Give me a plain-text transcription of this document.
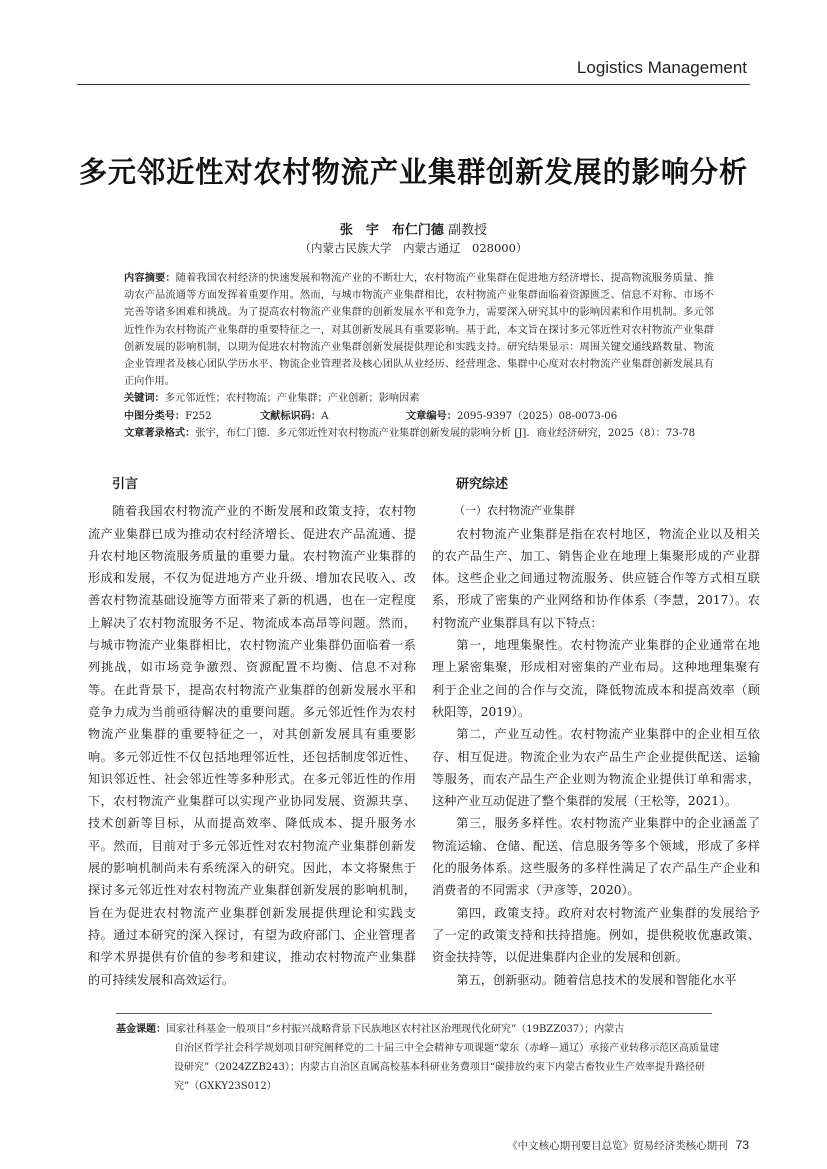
Logistics Management
多元邻近性对农村物流产业集群创新发展的影响分析
张　宇　布仁门德 副教授
（内蒙古民族大学　内蒙古通辽　028000）
内容摘要：随着我国农村经济的快速发展和物流产业的不断壮大，农村物流产业集群在促进地方经济增长、提高物流服务质量、推动农产品流通等方面发挥着重要作用。然而，与城市物流产业集群相比，农村物流产业集群面临着资源匮乏、信息不对称、市场不完善等诸多困难和挑战。为了提高农村物流产业集群的创新发展水平和竞争力，需要深入研究其中的影响因素和作用机制。多元邻近性作为农村物流产业集群的重要特征之一，对其创新发展具有重要影响。基于此，本文旨在探讨多元邻近性对农村物流产业集群创新发展的影响机制，以期为促进农村物流产业集群创新发展提供理论和实践支持。研究结果显示：周围关键交通线路数量、物流企业管理者及核心团队学历水平、物流企业管理者及核心团队从业经历、经营理念、集群中心度对农村物流产业集群创新发展具有正向作用。
关键词：多元邻近性；农村物流；产业集群；产业创新；影响因素
中图分类号：F252	文献标识码：A	文章编号：2095-9397（2025）08-0073-06
文章著录格式：张宇，布仁门德．多元邻近性对农村物流产业集群创新发展的影响分析 [J]．商业经济研究，2025（8）：73-78
引言

随着我国农村物流产业的不断发展和政策支持，农村物流产业集群已成为推动农村经济增长、促进农产品流通、提升农村地区物流服务质量的重要力量。农村物流产业集群的形成和发展，不仅为促进地方产业升级、增加农民收入、改善农村物流基础设施等方面带来了新的机遇，也在一定程度上解决了农村物流服务不足、物流成本高昂等问题。然而，与城市物流产业集群相比，农村物流产业集群仍面临着一系列挑战，如市场竞争激烈、资源配置不均衡、信息不对称等。在此背景下，提高农村物流产业集群的创新发展水平和竞争力成为当前亟待解决的重要问题。多元邻近性作为农村物流产业集群的重要特征之一，对其创新发展具有重要影响。多元邻近性不仅包括地理邻近性，还包括制度邻近性、知识邻近性、社会邻近性等多种形式。在多元邻近性的作用下，农村物流产业集群可以实现产业协同发展、资源共享、技术创新等目标，从而提高效率、降低成本、提升服务水平。然而，目前对于多元邻近性对农村物流产业集群创新发展的影响机制尚未有系统深入的研究。因此，本文将聚焦于探讨多元邻近性对农村物流产业集群创新发展的影响机制，旨在为促进农村物流产业集群创新发展提供理论和实践支持。通过本研究的深入探讨，有望为政府部门、企业管理者和学术界提供有价值的参考和建议，推动农村物流产业集群的可持续发展和高效运行。

研究综述
（一）农村物流产业集群

农村物流产业集群是指在农村地区，物流企业以及相关的农产品生产、加工、销售企业在地理上集聚形成的产业群体。这些企业之间通过物流服务、供应链合作等方式相互联系，形成了密集的产业网络和协作体系（李慧，2017）。农村物流产业集群具有以下特点：

第一，地理集聚性。农村物流产业集群的企业通常在地理上紧密集聚，形成相对密集的产业布局。这种地理集聚有利于企业之间的合作与交流，降低物流成本和提高效率（顾秋阳等，2019）。

第二，产业互动性。农村物流产业集群中的企业相互依存、相互促进。物流企业为农产品生产企业提供配送、运输等服务，而农产品生产企业则为物流企业提供订单和需求，这种产业互动促进了整个集群的发展（王松等，2021）。

第三，服务多样性。农村物流产业集群中的企业涵盖了物流运输、仓储、配送、信息服务等多个领域，形成了多样化的服务体系。这些服务的多样性满足了农产品生产企业和消费者的不同需求（尹彦等，2020）。

第四，政策支持。政府对农村物流产业集群的发展给予了一定的政策支持和扶持措施。例如，提供税收优惠政策、资金扶持等，以促进集群内企业的发展和创新。

第五，创新驱动。随着信息技术的发展和智能化水平

基金课题：国家社科基金一般项目“乡村振兴战略背景下民族地区农村社区治理现代化研究”（19BZZ037）；内蒙古
自治区哲学社会科学规划项目研究阐释党的二十届三中全会精神专项课题“蒙东（赤峰－通辽）承接产业转移示范区高质量建设研究”（2024ZZB243）；内蒙古自治区直属高校基本科研业务费项目“碳排放约束下内蒙古畜牧业生产效率提升路径研究”（GXKY23S012）
《中文核心期刊要目总览》贸易经济类核心期刊 73
